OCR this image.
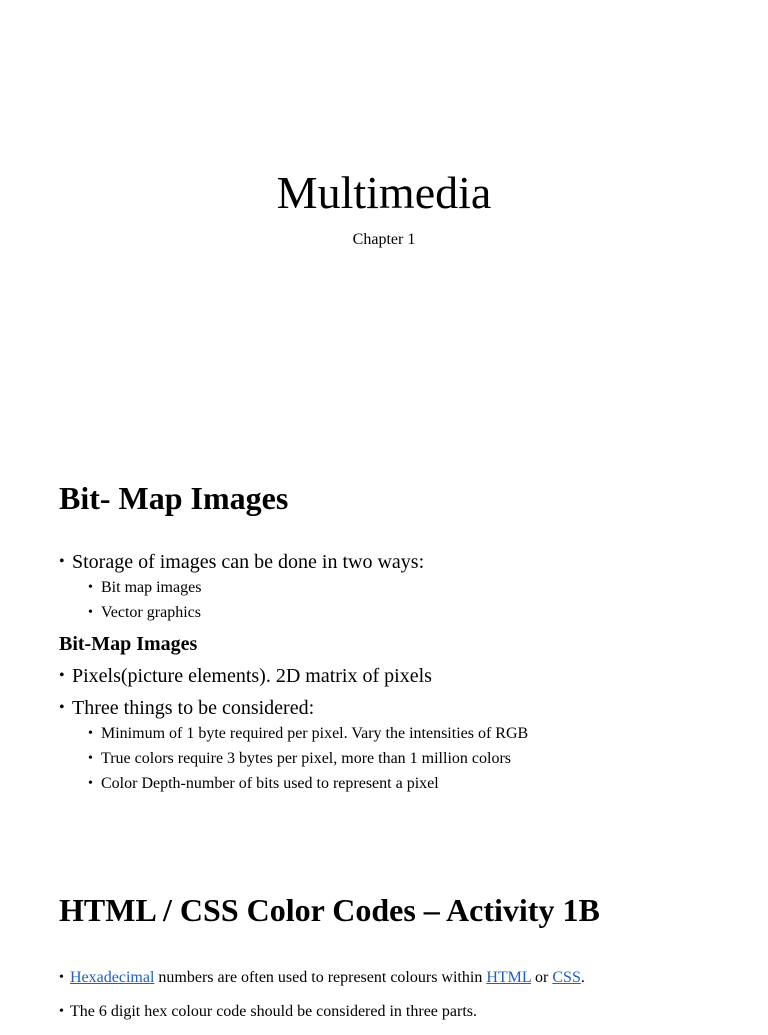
Multimedia

Chapter 1

Bit- Map Images
• Storage of images can be done in two ways:
• Bit map images
• Vector graphics
Bit-Map Images
• Pixels(picture elements). 2D matrix of pixels
• Three things to be considered:
• Minimum of 1 byte required per pixel. Vary the intensities of RGB
• True colors require 3 bytes per pixel, more than 1 million colors
• Color Depth-number of bits used to represent a pixel
HTML / CSS Color Codes – Activity 1B
• Hexadecimal numbers are often used to represent colours within HTML or CSS.
• The 6 digit hex colour code should be considered in three parts.
